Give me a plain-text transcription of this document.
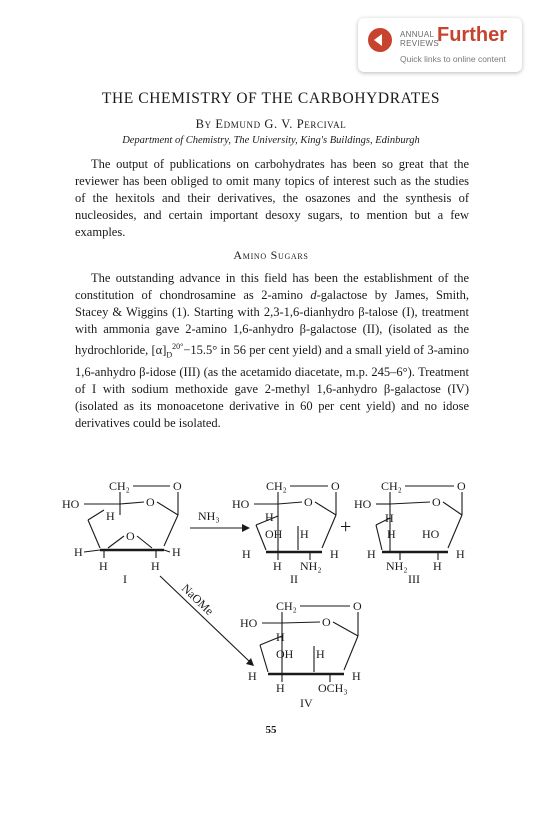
ANNUAL
REVIEWS
Further
Quick links to online content
THE CHEMISTRY OF THE CARBOHYDRATES
By Edmund G. V. Percival
Department of Chemistry, The University, King's Buildings, Edinburgh

The output of publications on carbohydrates has been so great that the reviewer has been obliged to omit many topics of interest such as the studies of the hexitols and their derivatives, the osazones and the synthesis of nucleosides, and certain important desoxy sugars, to mention but a few examples.

Amino Sugars

The outstanding advance in this field has been the establishment of the constitution of chondrosamine as 2-amino d-galactose by James, Smith, Stacey & Wiggins (1). Starting with 2,3-1,6-dianhydro β-talose (I), treatment with ammonia gave 2-amino 1,6-anhydro β-galactose (II), (isolated as the hydrochloride, $[\alpha]_D^{20^\circ}-15.5^\circ$ in 56 per cent yield) and a small yield of 3-amino 1,6-anhydro β-idose (III) (as the acetamido diacetate, m.p. 245–6°). Treatment of I with sodium methoxide gave 2-methyl 1,6-anhydro β-galactose (IV) (isolated as its monoacetone derivative in 60 per cent yield) and no idose derivatives could be isolated.

CH₂	O
HO	O
H
O
H	H
H	H
I
NH₃
CH₂	O
HO	O
H
OH H
H	H
H NH₂
II
+
CH₂	O
HO	O
H
H HO
H	H
NH₂ H
III
NaOMe	CH₂	O
HO	O
H
OH H
H	H
H	OCH₃
IV
55
